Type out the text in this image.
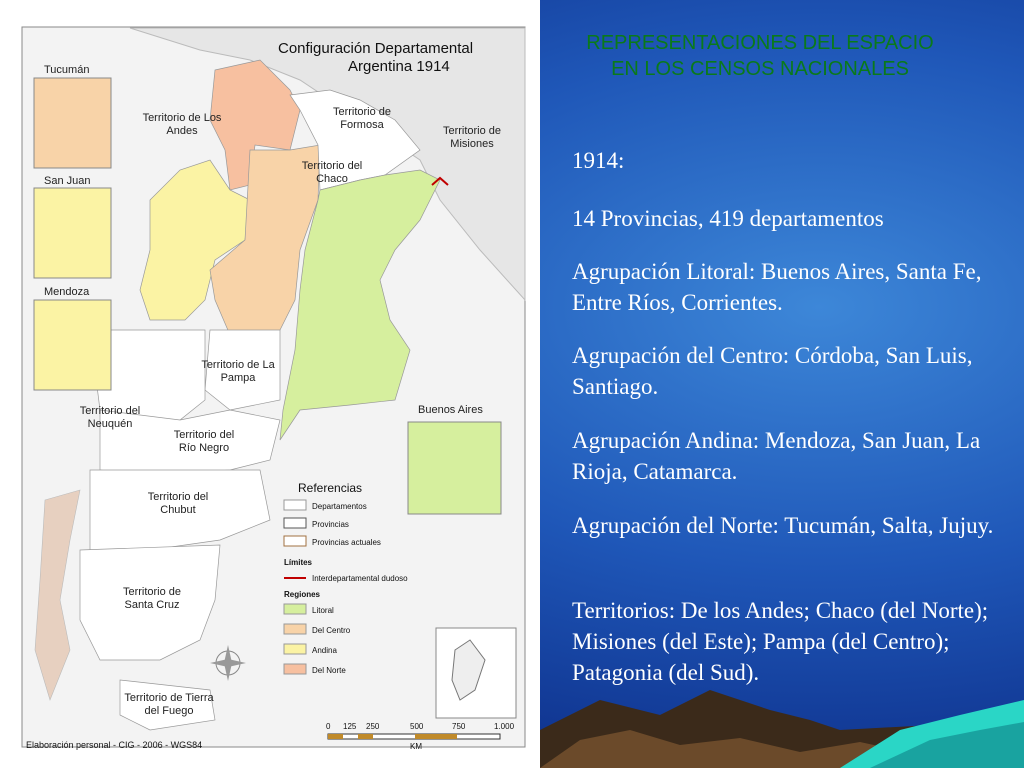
Configuración Departamental
Argentina 1914
Tucumán
San Juan
Mendoza
Buenos Aires
Territorio de Los Andes
Territorio de Formosa	Territorio de Misiones
Territorio del Chaco
Territorio de La Pampa
Territorio del Neuquén
Territorio del Río Negro
Territorio del Chubut
Territorio de Santa Cruz
Territorio de Tierra del Fuego
Referencias
Departamentos
Provincias
Provincias actuales
Límites
Interdepartamental dudoso
Regiones
Litoral
Del Centro
Andina
Del Norte
0 125 250	500	750	1.000
KM
Elaboración personal - CIG - 2006 - WGS84
REPRESENTACIONES DEL ESPACIO EN LOS CENSOS NACIONALES
1914:
14 Provincias, 419 departamentos
Agrupación Litoral: Buenos Aires, Santa Fe, Entre Ríos, Corrientes.
Agrupación del Centro: Córdoba, San Luis, Santiago.
Agrupación Andina: Mendoza, San Juan, La Rioja, Catamarca.
Agrupación del Norte: Tucumán, Salta, Jujuy.
Territorios: De los Andes; Chaco (del Norte); Misiones (del Este); Pampa (del Centro); Patagonia (del Sud).
